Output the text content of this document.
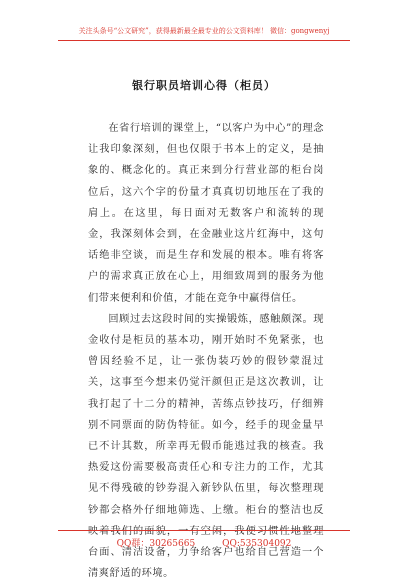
关注头条号“公文研究”，获得最新最全最专业的公文资料库！ 微信：gongwenyj
银行职员培训心得（柜员）

在省行培训的课堂上，“以客户为中心”的理念让我印象深刻，但也仅限于书本上的定义，是抽象的、概念化的。真正来到分行营业部的柜台岗位后，这六个字的份量才真真切切地压在了我的肩上。在这里，每日面对无数客户和流转的现金，我深刻体会到，在金融业这片红海中，这句话绝非空谈，而是生存和发展的根本。唯有将客户的需求真正放在心上，用细致周到的服务为他们带来便利和价值，才能在竞争中赢得信任。

回顾过去这段时间的实操锻炼，感触颇深。现金收付是柜员的基本功，刚开始时不免紧张，也曾因经验不足，让一张伪装巧妙的假钞蒙混过关，这事至今想来仍觉汗颜但正是这次教训，让我打起了十二分的精神，苦练点钞技巧，仔细辨别不同票面的防伪特征。如今，经手的现金量早已不计其数，所幸再无假币能逃过我的核查。我热爱这份需要极高责任心和专注力的工作，尤其见不得残破的钞券混入新钞队伍里，每次整理现钞都会格外仔细地筛选、上缴。柜台的整洁也反映着我们的面貌，一有空闲，我便习惯性地整理台面、清洁设备，力争给客户也给自己营造一个清爽舒适的环境。

QQ群：30265665	QQ:535304092
